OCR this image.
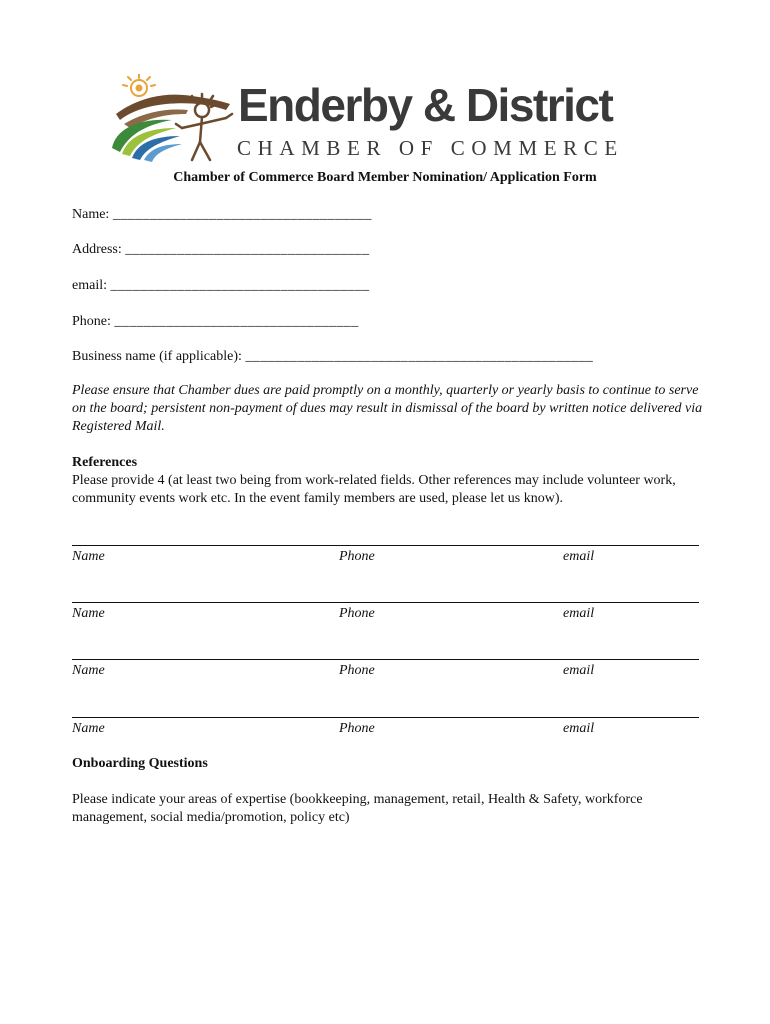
Enderby & District
CHAMBER OF COMMERCE
Chamber of Commerce Board Member Nomination/ Application Form
Name: ___________________________________
Address: _________________________________
email: ___________________________________
Phone: _________________________________
Business name (if applicable): _______________________________________________
Please ensure that Chamber dues are paid promptly on a monthly, quarterly or yearly basis to continue to serve on the board; persistent non-payment of dues may result in dismissal of the board by written notice delivered via Registered Mail.
References
Please provide 4 (at least two being from work-related fields. Other references may include volunteer work, community events work etc. In the event family members are used, please let us know).
Name	Phone	email
Name	Phone	email
Name	Phone	email
Name	Phone	email
Onboarding Questions
Please indicate your areas of expertise (bookkeeping, management, retail, Health & Safety, workforce management, social media/promotion, policy etc)
